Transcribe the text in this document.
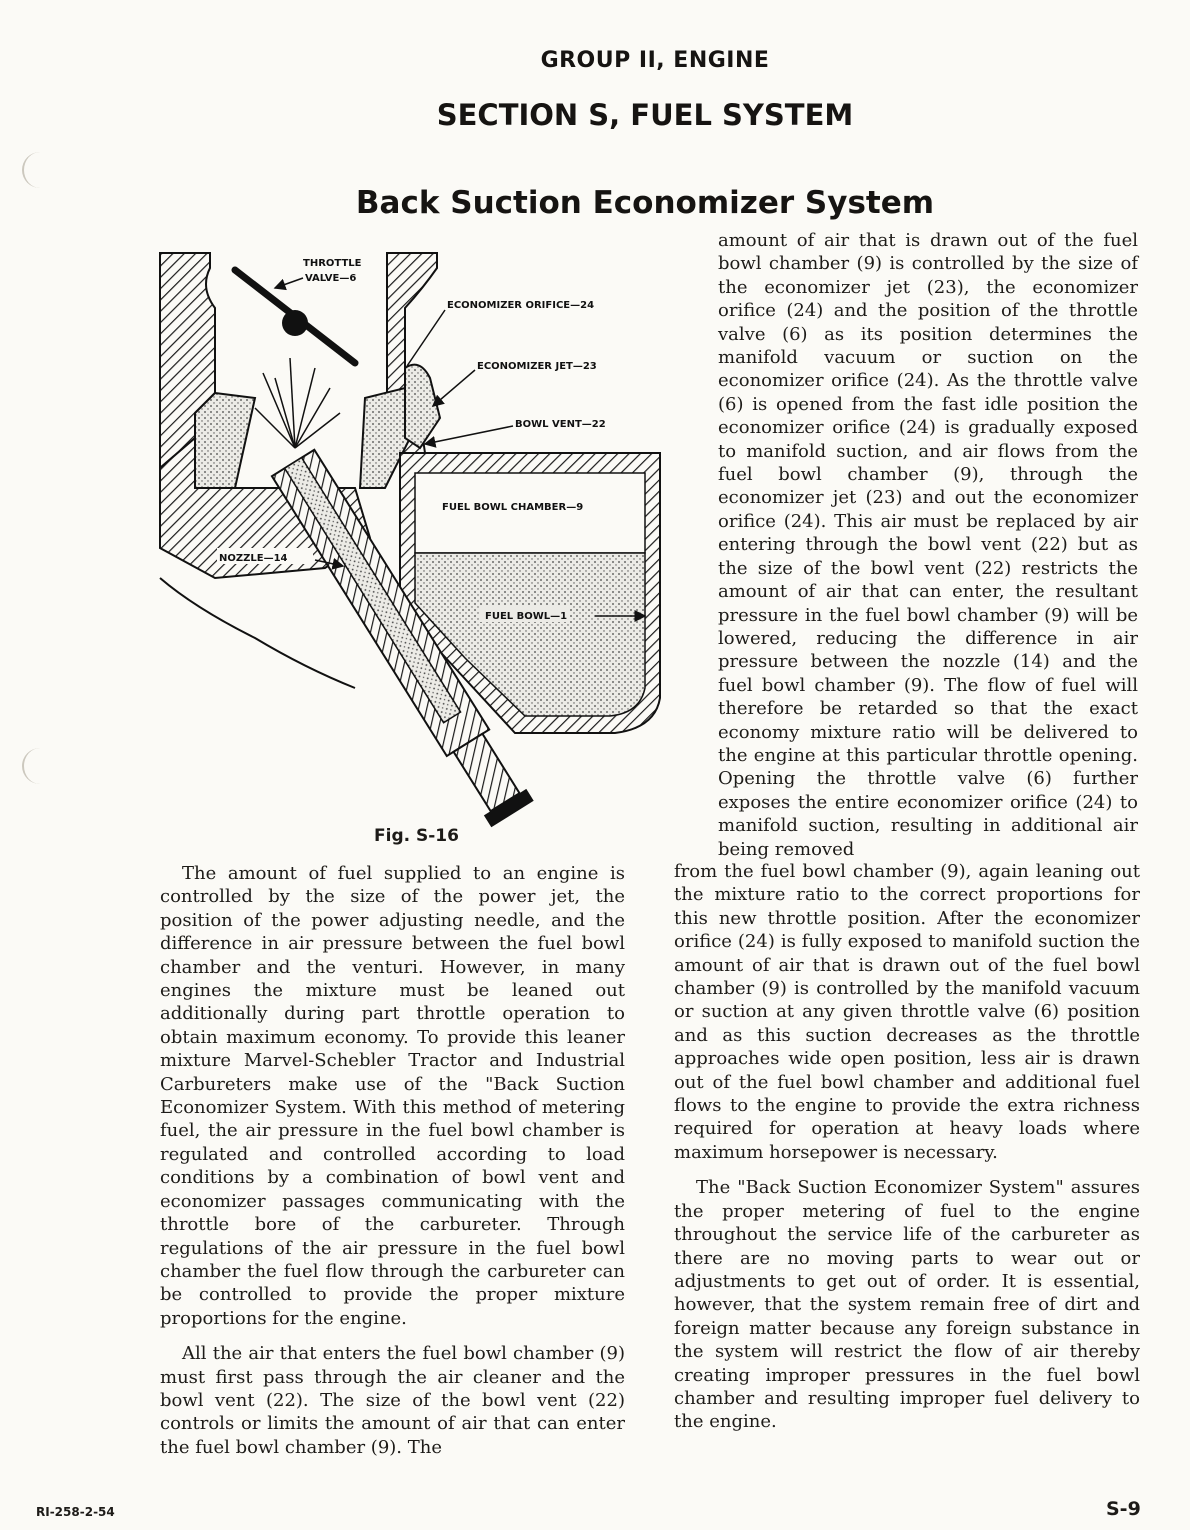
GROUP II, ENGINE
SECTION S, FUEL SYSTEM
Back Suction Economizer System
THROTTLE
VALVE—6
ECONOMIZER ORIFICE—24
ECONOMIZER JET—23
BOWL VENT—22
FUEL BOWL CHAMBER—9
NOZZLE—14
FUEL BOWL—1
Fig. S-16
amount of air that is drawn out of the fuel bowl chamber (9) is controlled by the size of the economizer jet (23), the economizer orifice (24) and the position of the throttle valve (6) as its position determines the manifold vacuum or suction on the economizer orifice (24). As the throttle valve (6) is opened from the fast idle position the economizer orifice (24) is gradually exposed to manifold suction, and air flows from the fuel bowl chamber (9), through the economizer jet (23) and out the economizer orifice (24). This air must be replaced by air entering through the bowl vent (22) but as the size of the bowl vent (22) restricts the amount of air that can enter, the resultant pressure in the fuel bowl chamber (9) will be lowered, reducing the difference in air pressure between the nozzle (14) and the fuel bowl chamber (9). The flow of fuel will therefore be retarded so that the exact economy mixture ratio will be delivered to the engine at this particular throttle opening. Opening the throttle valve (6) further exposes the entire economizer orifice (24) to manifold suction, resulting in additional air being removed

The amount of fuel supplied to an engine is controlled by the size of the power jet, the position of the power adjusting needle, and the difference in air pressure between the fuel bowl chamber and the venturi. However, in many engines the mixture must be leaned out additionally during part throttle operation to obtain maximum economy. To provide this leaner mixture Marvel-Schebler Tractor and Industrial Carbureters make use of the "Back Suction Economizer System. With this method of metering fuel, the air pressure in the fuel bowl chamber is regulated and controlled according to load conditions by a combination of bowl vent and economizer passages communicating with the throttle bore of the carbureter. Through regulations of the air pressure in the fuel bowl chamber the fuel flow through the carbureter can be controlled to provide the proper mixture proportions for the engine.

All the air that enters the fuel bowl chamber (9) must first pass through the air cleaner and the bowl vent (22). The size of the bowl vent (22) controls or limits the amount of air that can enter the fuel bowl chamber (9). The

from the fuel bowl chamber (9), again leaning out the mixture ratio to the correct proportions for this new throttle position. After the economizer orifice (24) is fully exposed to manifold suction the amount of air that is drawn out of the fuel bowl chamber (9) is controlled by the manifold vacuum or suction at any given throttle valve (6) position and as this suction decreases as the throttle approaches wide open position, less air is drawn out of the fuel bowl chamber and additional fuel flows to the engine to provide the extra richness required for operation at heavy loads where maximum horsepower is necessary.

The "Back Suction Economizer System" assures the proper metering of fuel to the engine throughout the service life of the carbureter as there are no moving parts to wear out or adjustments to get out of order. It is essential, however, that the system remain free of dirt and foreign matter because any foreign substance in the system will restrict the flow of air thereby creating improper pressures in the fuel bowl chamber and resulting improper fuel delivery to the engine.

RI-258-2-54	S-9
